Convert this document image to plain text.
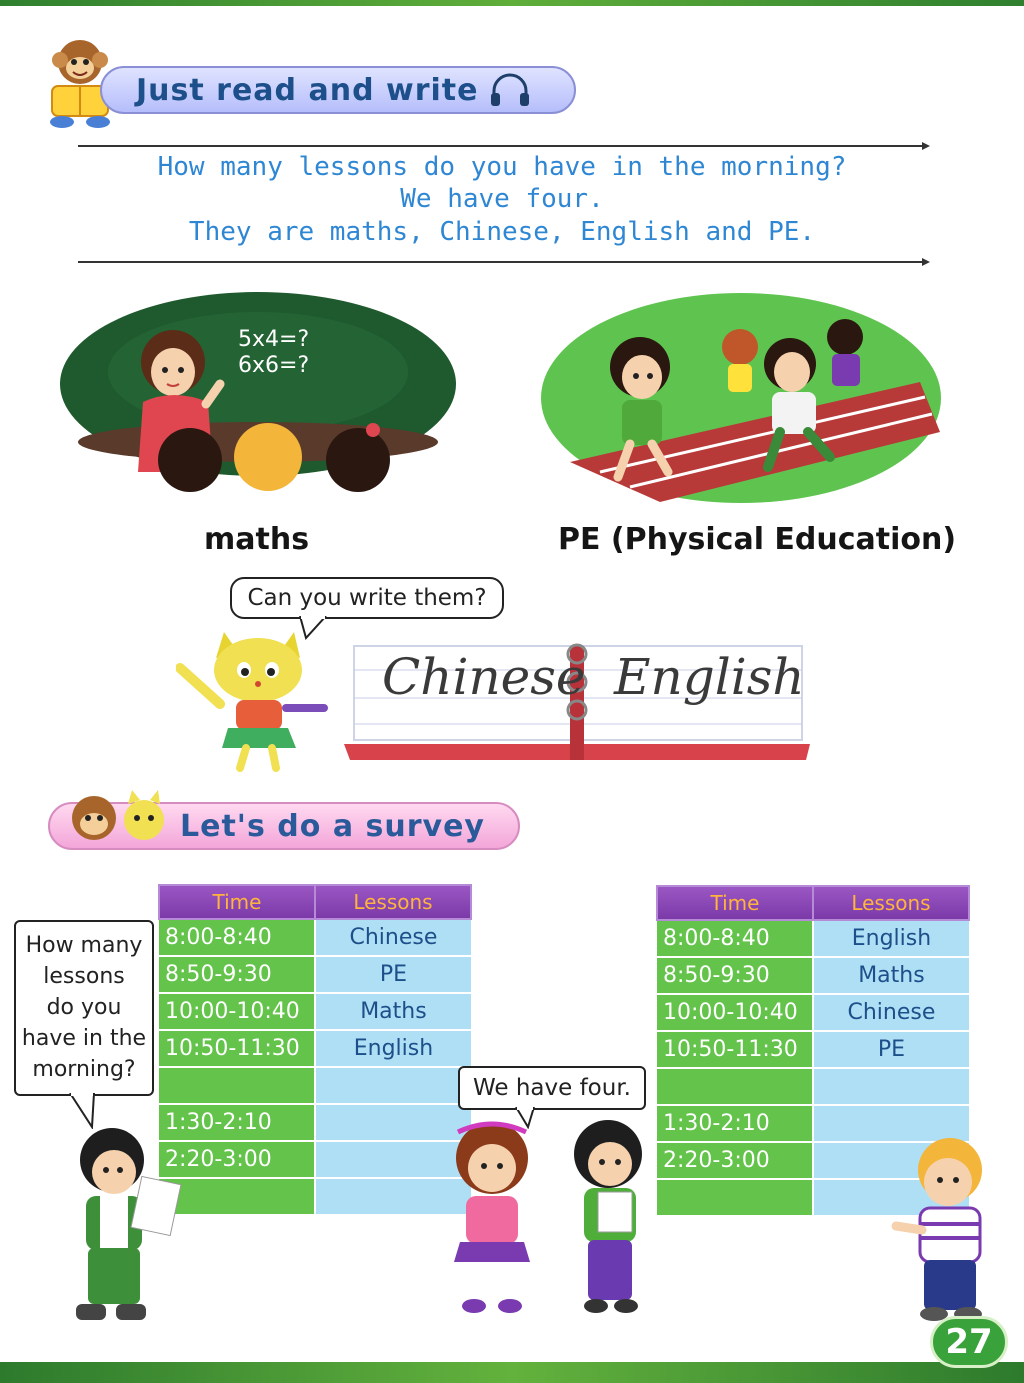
Just read and write
How many lessons do you have in the morning?
We have four.
They are maths, Chinese, English and PE.
5x4=?
6x6=?
maths	PE (Physical Education)
Can you write them?
Chinese English
Let's do a survey
How many
lessons
do you
have in the
morning?
Time	Lessons
8:00-8:40	Chinese
8:50-9:30	PE
10:00-10:40	Maths
10:50-11:30	English

1:30-2:10	
2:20-3:00	

Time	Lessons
8:00-8:40	English
8:50-9:30	Maths
10:00-10:40	Chinese
10:50-11:30	PE

1:30-2:10	
2:20-3:00	

We have four.
27
